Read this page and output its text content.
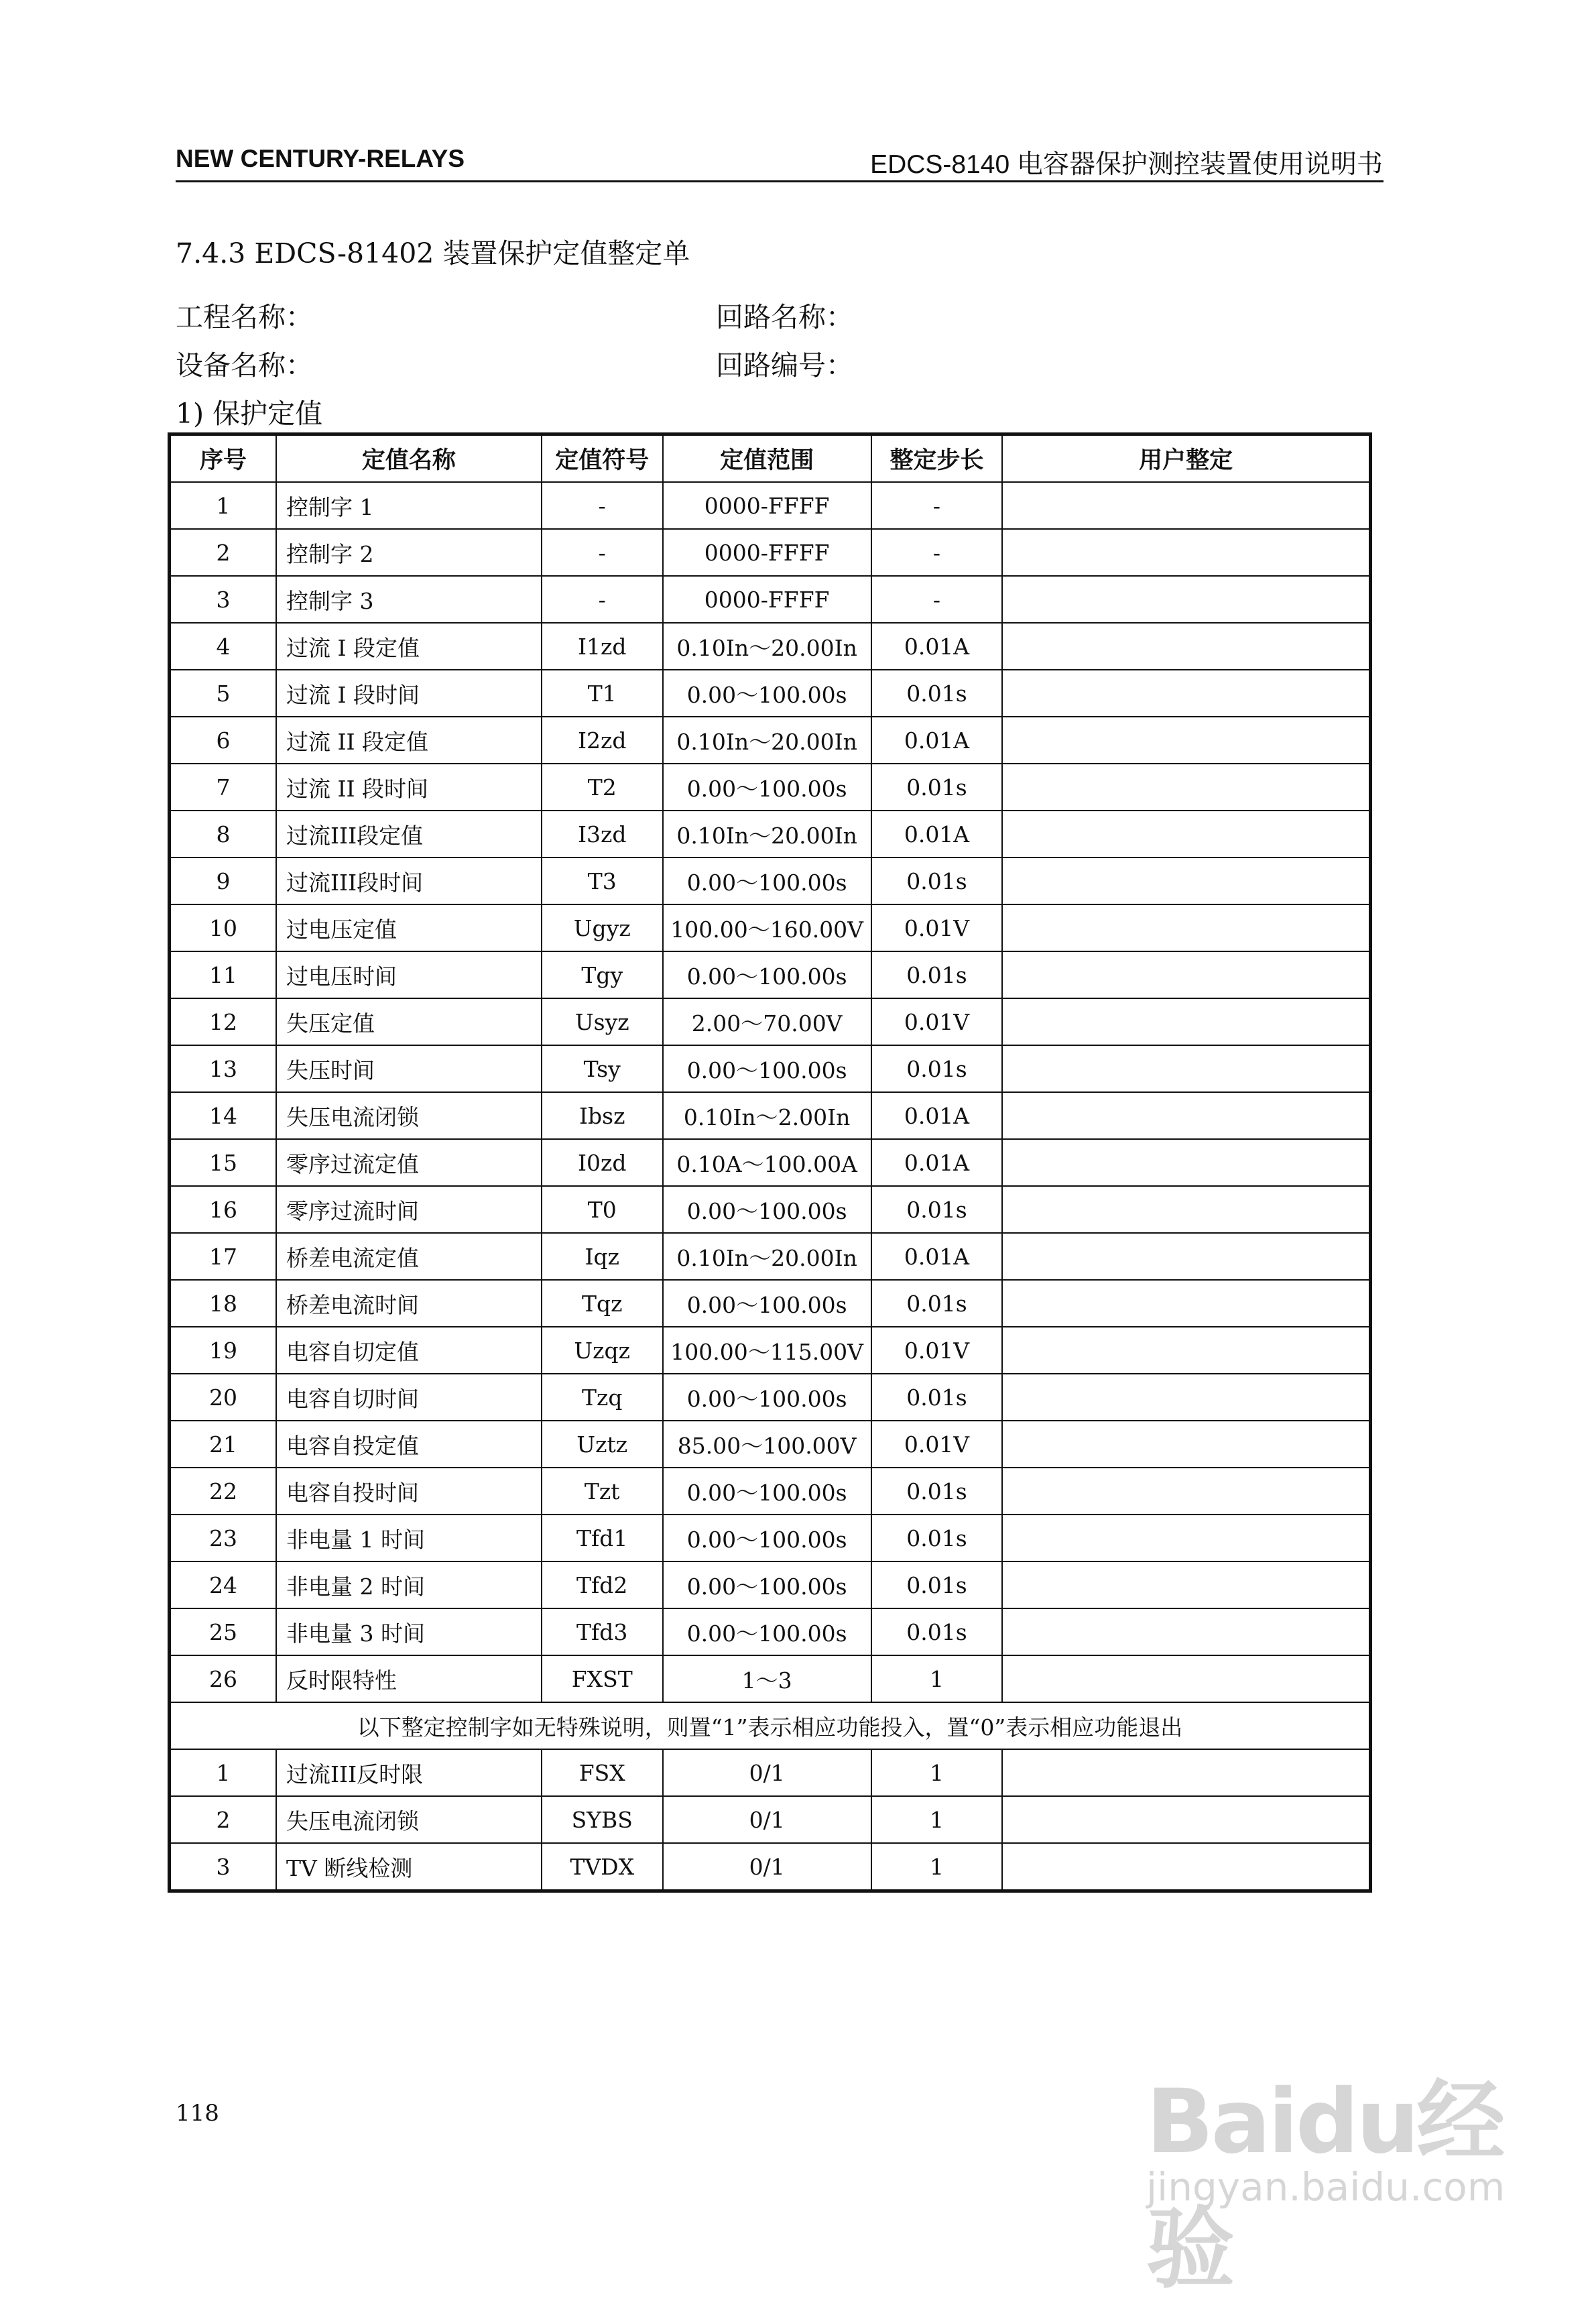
NEW CENTURY-RELAYS	EDCS-8140 电容器保护测控装置使用说明书
7.4.3 EDCS-81402 装置保护定值整定单
工程名称：
设备名称：
回路名称：
回路编号：
1) 保护定值
序号	定值名称	定值符号	定值范围	整定步长	用户整定
1	控制字 1	-	0000-FFFF	-	
2	控制字 2	-	0000-FFFF	-	
3	控制字 3	-	0000-FFFF	-	
4	过流 I 段定值	I1zd	0.10In～20.00In	0.01A	
5	过流 I 段时间	T1	0.00～100.00s	0.01s	
6	过流 II 段定值	I2zd	0.10In～20.00In	0.01A	
7	过流 II 段时间	T2	0.00～100.00s	0.01s	
8	过流III段定值	I3zd	0.10In～20.00In	0.01A	
9	过流III段时间	T3	0.00～100.00s	0.01s	
10	过电压定值	Ugyz	100.00～160.00V	0.01V	
11	过电压时间	Tgy	0.00～100.00s	0.01s	
12	失压定值	Usyz	2.00～70.00V	0.01V	
13	失压时间	Tsy	0.00～100.00s	0.01s	
14	失压电流闭锁	Ibsz	0.10In～2.00In	0.01A	
15	零序过流定值	I0zd	0.10A～100.00A	0.01A	
16	零序过流时间	T0	0.00～100.00s	0.01s	
17	桥差电流定值	Iqz	0.10In～20.00In	0.01A	
18	桥差电流时间	Tqz	0.00～100.00s	0.01s	
19	电容自切定值	Uzqz	100.00～115.00V	0.01V	
20	电容自切时间	Tzq	0.00～100.00s	0.01s	
21	电容自投定值	Uztz	85.00～100.00V	0.01V	
22	电容自投时间	Tzt	0.00～100.00s	0.01s	
23	非电量 1 时间	Tfd1	0.00～100.00s	0.01s	
24	非电量 2 时间	Tfd2	0.00～100.00s	0.01s	
25	非电量 3 时间	Tfd3	0.00～100.00s	0.01s	
26	反时限特性	FXST	1～3	1	
以下整定控制字如无特殊说明，则置“1”表示相应功能投入，置“0”表示相应功能退出					
1	过流III反时限	FSX	0/1	1	
2	失压电流闭锁	SYBS	0/1	1	
3	TV 断线检测	TVDX	0/1	1	
118	Baidu经验
jingyan.baidu.com
